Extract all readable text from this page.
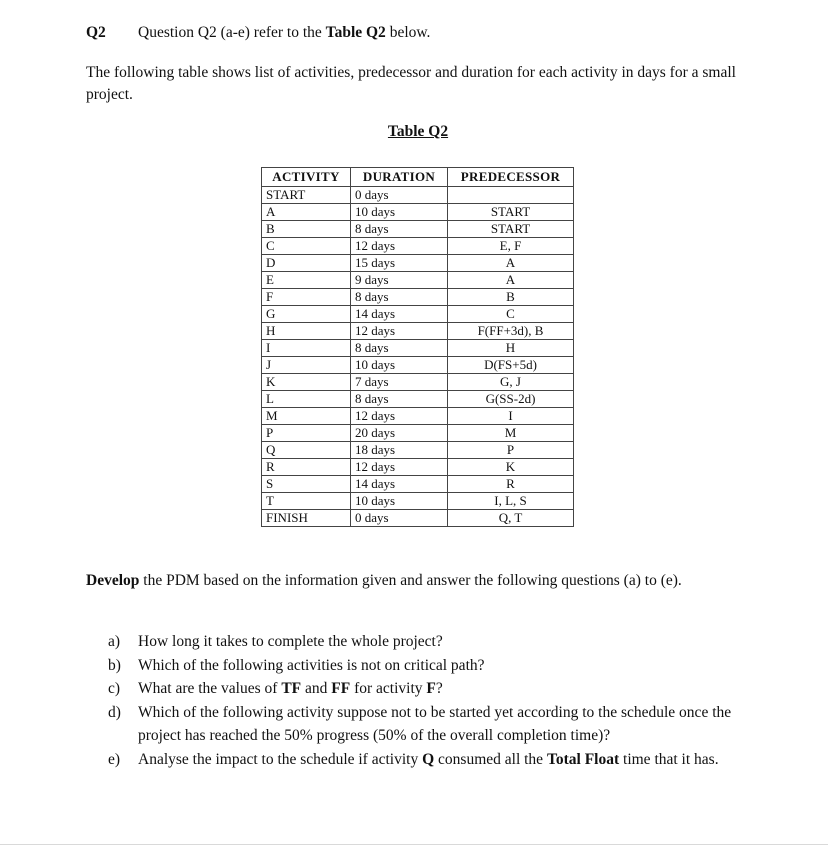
Q2 Question Q2 (a-e) refer to the Table Q2 below.
The following table shows list of activities, predecessor and duration for each activity in days for a small project.
Table Q2
ACTIVITY	DURATION	PREDECESSOR
START	0 days	
A	10 days	START
B	8 days	START
C	12 days	E, F
D	15 days	A
E	9 days	A
F	8 days	B
G	14 days	C
H	12 days	F(FF+3d), B
I	8 days	H
J	10 days	D(FS+5d)
K	7 days	G, J
L	8 days	G(SS-2d)
M	12 days	I
P	20 days	M
Q	18 days	P
R	12 days	K
S	14 days	R
T	10 days	I, L, S
FINISH	0 days	Q, T
Develop the PDM based on the information given and answer the following questions (a) to (e).
a) How long it takes to complete the whole project?
b) Which of the following activities is not on critical path?
c) What are the values of TF and FF for activity F?
d) Which of the following activity suppose not to be started yet according to the schedule once the project has reached the 50% progress (50% of the overall completion time)?
e) Analyse the impact to the schedule if activity Q consumed all the Total Float time that it has.
